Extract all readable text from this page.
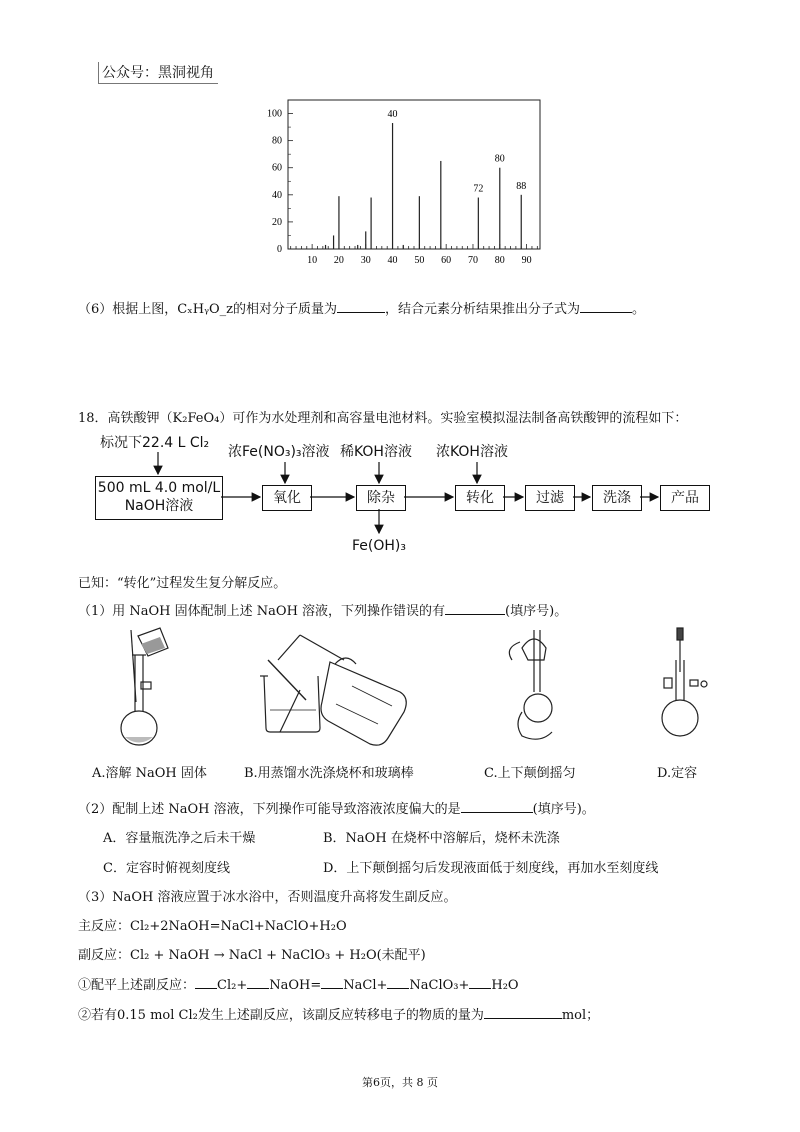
公众号：黑洞视角
10 20 30 40 50 60 70 80 90
0
20
40
60
80
100	40
72
80
88
（6）根据上图，CₓHᵧO_z的相对分子质量为	，结合元素分析结果推出分子式为	。
18．高铁酸钾（K₂FeO₄）可作为水处理剂和高容量电池材料。实验室模拟湿法制备高铁酸钾的流程如下：
标况下22.4 L Cl₂
浓Fe(NO₃)₃溶液 稀KOH溶液 浓KOH溶液
500 mL 4.0 mol/L
NaOH溶液	氧化	除杂	转化	过滤	洗涤	产品
Fe(OH)₃
已知：“转化”过程发生复分解反应。
（1）用 NaOH 固体配制上述 NaOH 溶液，下列操作错误的有	(填序号)。
A.溶解 NaOH 固体	B.用蒸馏水洗涤烧杯和玻璃棒	C.上下颠倒摇匀	D.定容
（2）配制上述 NaOH 溶液，下列操作可能导致溶液浓度偏大的是	(填序号)。
A．容量瓶洗净之后未干燥	B．NaOH 在烧杯中溶解后，烧杯未洗涤
C．定容时俯视刻度线	D．上下颠倒摇匀后发现液面低于刻度线，再加水至刻度线
（3）NaOH 溶液应置于冰水浴中，否则温度升高将发生副反应。
主反应：Cl₂+2NaOH=NaCl+NaClO+H₂O
副反应：Cl₂ + NaOH → NaCl + NaClO₃ + H₂O(未配平)
①配平上述副反应： Cl₂+ NaOH= NaCl+ NaClO₃+ H₂O
②若有0.15 mol Cl₂发生上述副反应，该副反应转移电子的物质的量为	mol；
第6页，共 8 页
